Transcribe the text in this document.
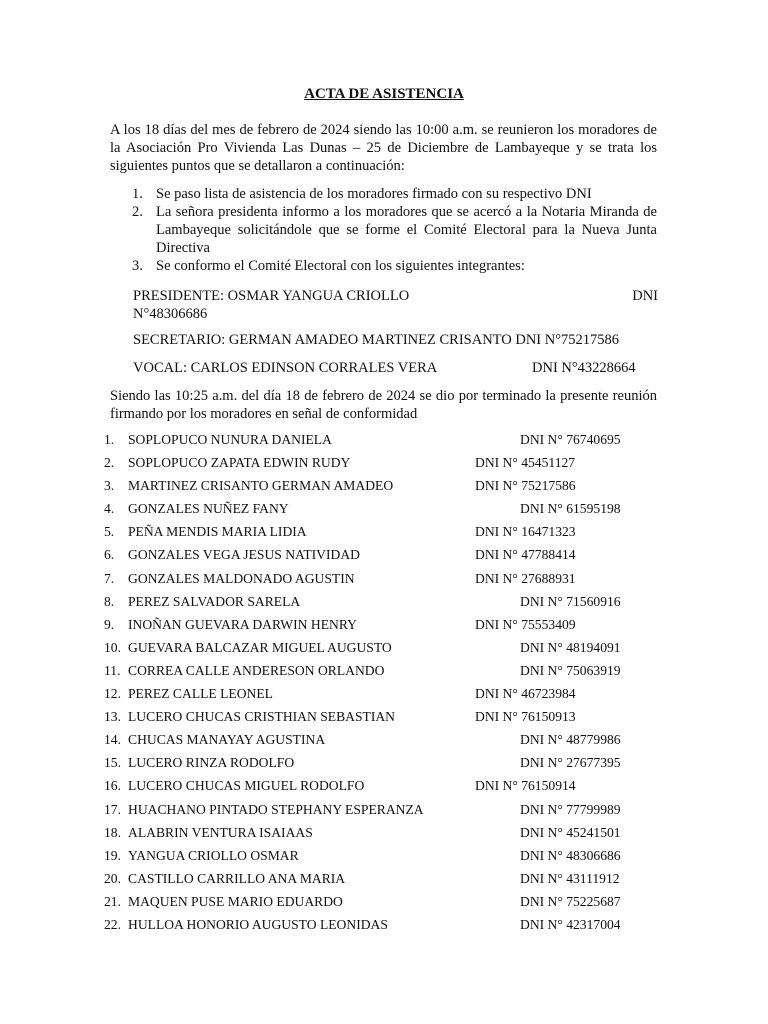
ACTA DE ASISTENCIA
A los 18 días del mes de febrero de 2024 siendo las 10:00 a.m. se reunieron los moradores de la Asociación Pro Vivienda Las Dunas – 25 de Diciembre de Lambayeque y se trata los siguientes puntos que se detallaron a continuación:
1. Se paso lista de asistencia de los moradores firmado con su respectivo DNI
2. La señora presidenta informo a los moradores que se acercó a la Notaria Miranda de Lambayeque solicitándole que se forme el Comité Electoral para la Nueva Junta Directiva
3. Se conformo el Comité Electoral con los siguientes integrantes:
PRESIDENTE: OSMAR YANGUA CRIOLLO	DNI
N°48306686
SECRETARIO: GERMAN AMADEO MARTINEZ CRISANTO DNI N°75217586
VOCAL: CARLOS EDINSON CORRALES VERA	DNI N°43228664
Siendo las 10:25 a.m. del día 18 de febrero de 2024 se dio por terminado la presente reunión firmando por los moradores en señal de conformidad
1. SOPLOPUCO NUNURA DANIELA	DNI N° 76740695
2. SOPLOPUCO ZAPATA EDWIN RUDY	DNI N° 45451127
3. MARTINEZ CRISANTO GERMAN AMADEO	DNI N° 75217586
4. GONZALES NUÑEZ FANY	DNI N° 61595198
5. PEÑA MENDIS MARIA LIDIA	DNI N° 16471323
6. GONZALES VEGA JESUS NATIVIDAD	DNI N° 47788414
7. GONZALES MALDONADO AGUSTIN	DNI N° 27688931
8. PEREZ SALVADOR SARELA	DNI N° 71560916
9. INOÑAN GUEVARA DARWIN HENRY	DNI N° 75553409
10. GUEVARA BALCAZAR MIGUEL AUGUSTO	DNI N° 48194091
11. CORREA CALLE ANDERESON ORLANDO	DNI N° 75063919
12. PEREZ CALLE LEONEL	DNI N° 46723984
13. LUCERO CHUCAS CRISTHIAN SEBASTIAN	DNI N° 76150913
14. CHUCAS MANAYAY AGUSTINA	DNI N° 48779986
15. LUCERO RINZA RODOLFO	DNI N° 27677395
16. LUCERO CHUCAS MIGUEL RODOLFO	DNI N° 76150914
17. HUACHANO PINTADO STEPHANY ESPERANZA	DNI N° 77799989
18. ALABRIN VENTURA ISAIAAS	DNI N° 45241501
19. YANGUA CRIOLLO OSMAR	DNI N° 48306686
20. CASTILLO CARRILLO ANA MARIA	DNI N° 43111912
21. MAQUEN PUSE MARIO EDUARDO	DNI N° 75225687
22. HULLOA HONORIO AUGUSTO LEONIDAS	DNI N° 42317004
